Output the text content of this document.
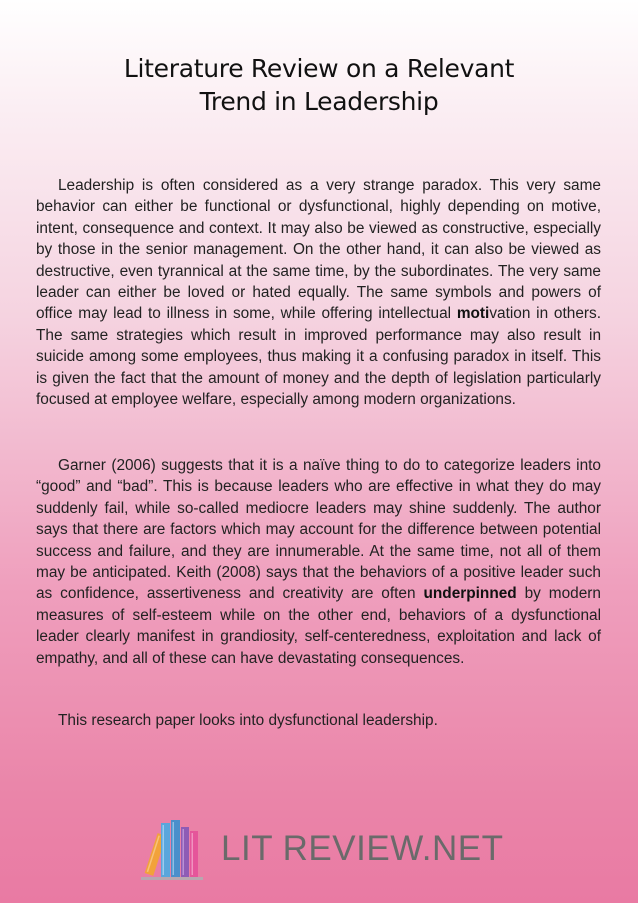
Literature Review on a Relevant
Trend in Leadership

Leadership is often considered as a very strange paradox. This very same behavior can either be functional or dysfunctional, highly depending on motive, intent, consequence and context. It may also be viewed as constructive, especially by those in the senior management. On the other hand, it can also be viewed as destructive, even tyrannical at the same time, by the subordinates. The very same leader can either be loved or hated equally. The same symbols and powers of office may lead to illness in some, while offering intellectual motivation in others. The same strategies which result in improved performance may also result in suicide among some employees, thus making it a confusing paradox in itself. This is given the fact that the amount of money and the depth of legislation particularly focused at employee welfare, especially among modern organizations.

Garner (2006) suggests that it is a naïve thing to do to categorize leaders into “good” and “bad”. This is because leaders who are effective in what they do may suddenly fail, while so-called mediocre leaders may shine suddenly. The author says that there are factors which may account for the difference between potential success and failure, and they are innumerable. At the same time, not all of them may be anticipated. Keith (2008) says that the behaviors of a positive leader such as confidence, assertiveness and creativity are often underpinned by modern measures of self-esteem while on the other end, behaviors of a dysfunctional leader clearly manifest in grandiosity, self-centeredness, exploitation and lack of empathy, and all of these can have devastating consequences.

This research paper looks into dysfunctional leadership.

LIT REVIEW.NET
